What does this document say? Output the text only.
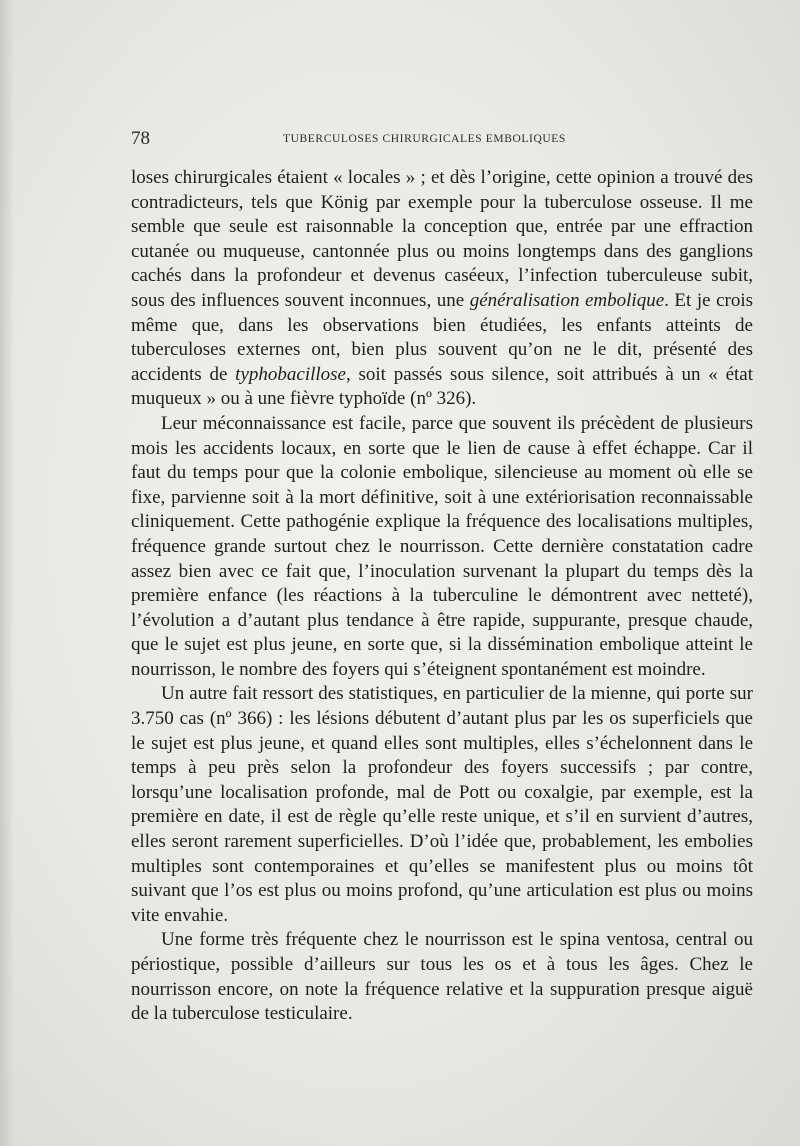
78	TUBERCULOSES CHIRURGICALES EMBOLIQUES

loses chirurgicales étaient « locales » ; et dès l’origine, cette opinion a trouvé des contradicteurs, tels que König par exemple pour la tuberculose osseuse. Il me semble que seule est raisonnable la conception que, entrée par une effraction cutanée ou muqueuse, cantonnée plus ou moins longtemps dans des ganglions cachés dans la profondeur et devenus caséeux, l’infection tuberculeuse subit, sous des influences souvent inconnues, une généralisation embolique. Et je crois même que, dans les observations bien étudiées, les enfants atteints de tuberculoses externes ont, bien plus souvent qu’on ne le dit, présenté des accidents de typhobacillose, soit passés sous silence, soit attribués à un « état muqueux » ou à une fièvre typhoïde (nº 326).

Leur méconnaissance est facile, parce que souvent ils précèdent de plusieurs mois les accidents locaux, en sorte que le lien de cause à effet échappe. Car il faut du temps pour que la colonie embolique, silencieuse au moment où elle se fixe, parvienne soit à la mort définitive, soit à une extériorisation reconnaissable cliniquement. Cette pathogénie explique la fréquence des localisations multiples, fréquence grande surtout chez le nourrisson. Cette dernière constatation cadre assez bien avec ce fait que, l’inoculation survenant la plupart du temps dès la première enfance (les réactions à la tuberculine le démontrent avec netteté), l’évolution a d’autant plus tendance à être rapide, suppurante, presque chaude, que le sujet est plus jeune, en sorte que, si la dissémination embolique atteint le nourrisson, le nombre des foyers qui s’éteignent spontanément est moindre.

Un autre fait ressort des statistiques, en particulier de la mienne, qui porte sur 3.750 cas (nº 366) : les lésions débutent d’autant plus par les os superficiels que le sujet est plus jeune, et quand elles sont multiples, elles s’échelonnent dans le temps à peu près selon la profondeur des foyers successifs ; par contre, lorsqu’une localisation profonde, mal de Pott ou coxalgie, par exemple, est la première en date, il est de règle qu’elle reste unique, et s’il en survient d’autres, elles seront rarement superficielles. D’où l’idée que, probablement, les embolies multiples sont contemporaines et qu’elles se manifestent plus ou moins tôt suivant que l’os est plus ou moins profond, qu’une articulation est plus ou moins vite envahie.

Une forme très fréquente chez le nourrisson est le spina ventosa, central ou périostique, possible d’ailleurs sur tous les os et à tous les âges. Chez le nourrisson encore, on note la fréquence relative et la suppuration presque aiguë de la tuberculose testiculaire.
